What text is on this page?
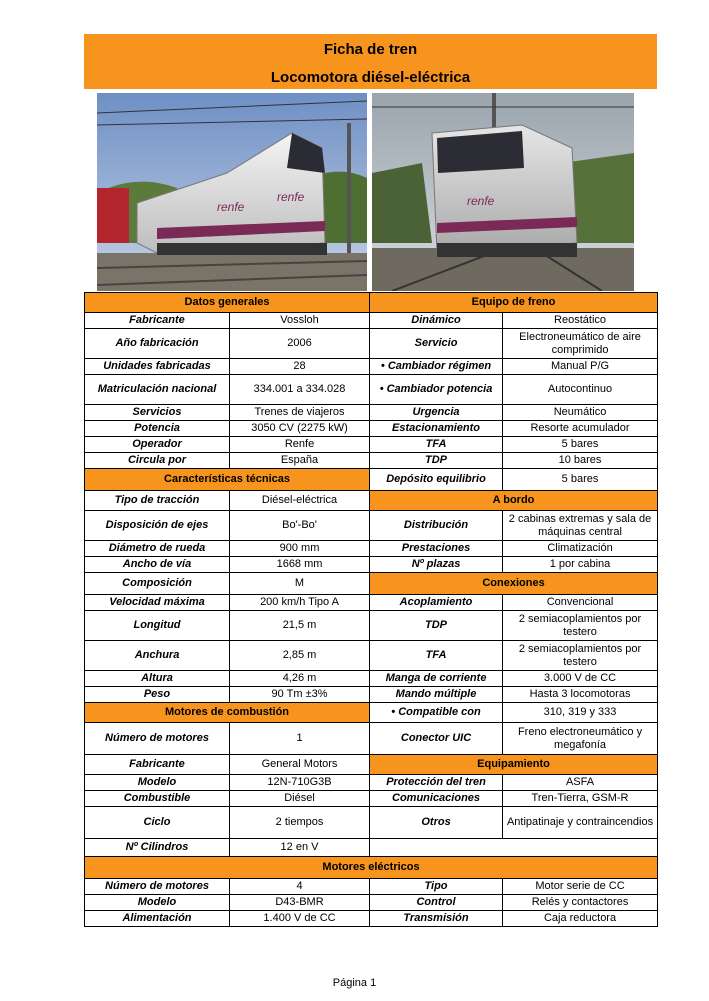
Ficha de tren
Locomotora diésel-eléctrica
renfe
renfe	renfe
Datos generales		Equipo de freno	
Fabricante	Vossloh	Dinámico	Reostático
Año fabricación	2006	Servicio	Electroneumático de aire comprimido
Unidades fabricadas	28	• Cambiador régimen	Manual P/G
Matriculación nacional	334.001 a 334.028	• Cambiador potencia	Autocontinuo
Servicios	Trenes de viajeros	Urgencia	Neumático
Potencia	3050 CV (2275 kW)	Estacionamiento	Resorte acumulador
Operador	Renfe	TFA	5 bares
Circula por	España	TDP	10 bares
Características técnicas		Depósito equilibrio	5 bares
Tipo de tracción	Diésel-eléctrica	A bordo	
Disposición de ejes	Bo'-Bo'	Distribución	2 cabinas extremas y sala de máquinas central
Diámetro de rueda	900 mm	Prestaciones	Climatización
Ancho de vía	1668 mm	Nº plazas	1 por cabina
Composición	M	Conexiones	
Velocidad máxima	200 km/h Tipo A	Acoplamiento	Convencional
Longitud	21,5 m	TDP	2 semiacoplamientos por testero
Anchura	2,85 m	TFA	2 semiacoplamientos por testero
Altura	4,26 m	Manga de corriente	3.000 V de CC
Peso	90 Tm ±3%	Mando múltiple	Hasta 3 locomotoras
Motores de combustión		• Compatible con	310, 319 y 333
Número de motores	1	Conector UIC	Freno electroneumático y megafonía
Fabricante	General Motors	Equipamiento	
Modelo	12N-710G3B	Protección del tren	ASFA
Combustible	Diésel	Comunicaciones	Tren-Tierra, GSM-R
Ciclo	2 tiempos	Otros	Antipatinaje y contraincendios
Nº Cilindros	12 en V		
Motores eléctricos			
Número de motores	4	Tipo	Motor serie de CC
Modelo	D43-BMR	Control	Relés y contactores
Alimentación	1.400 V de CC	Transmisión	Caja reductora
Página 1
